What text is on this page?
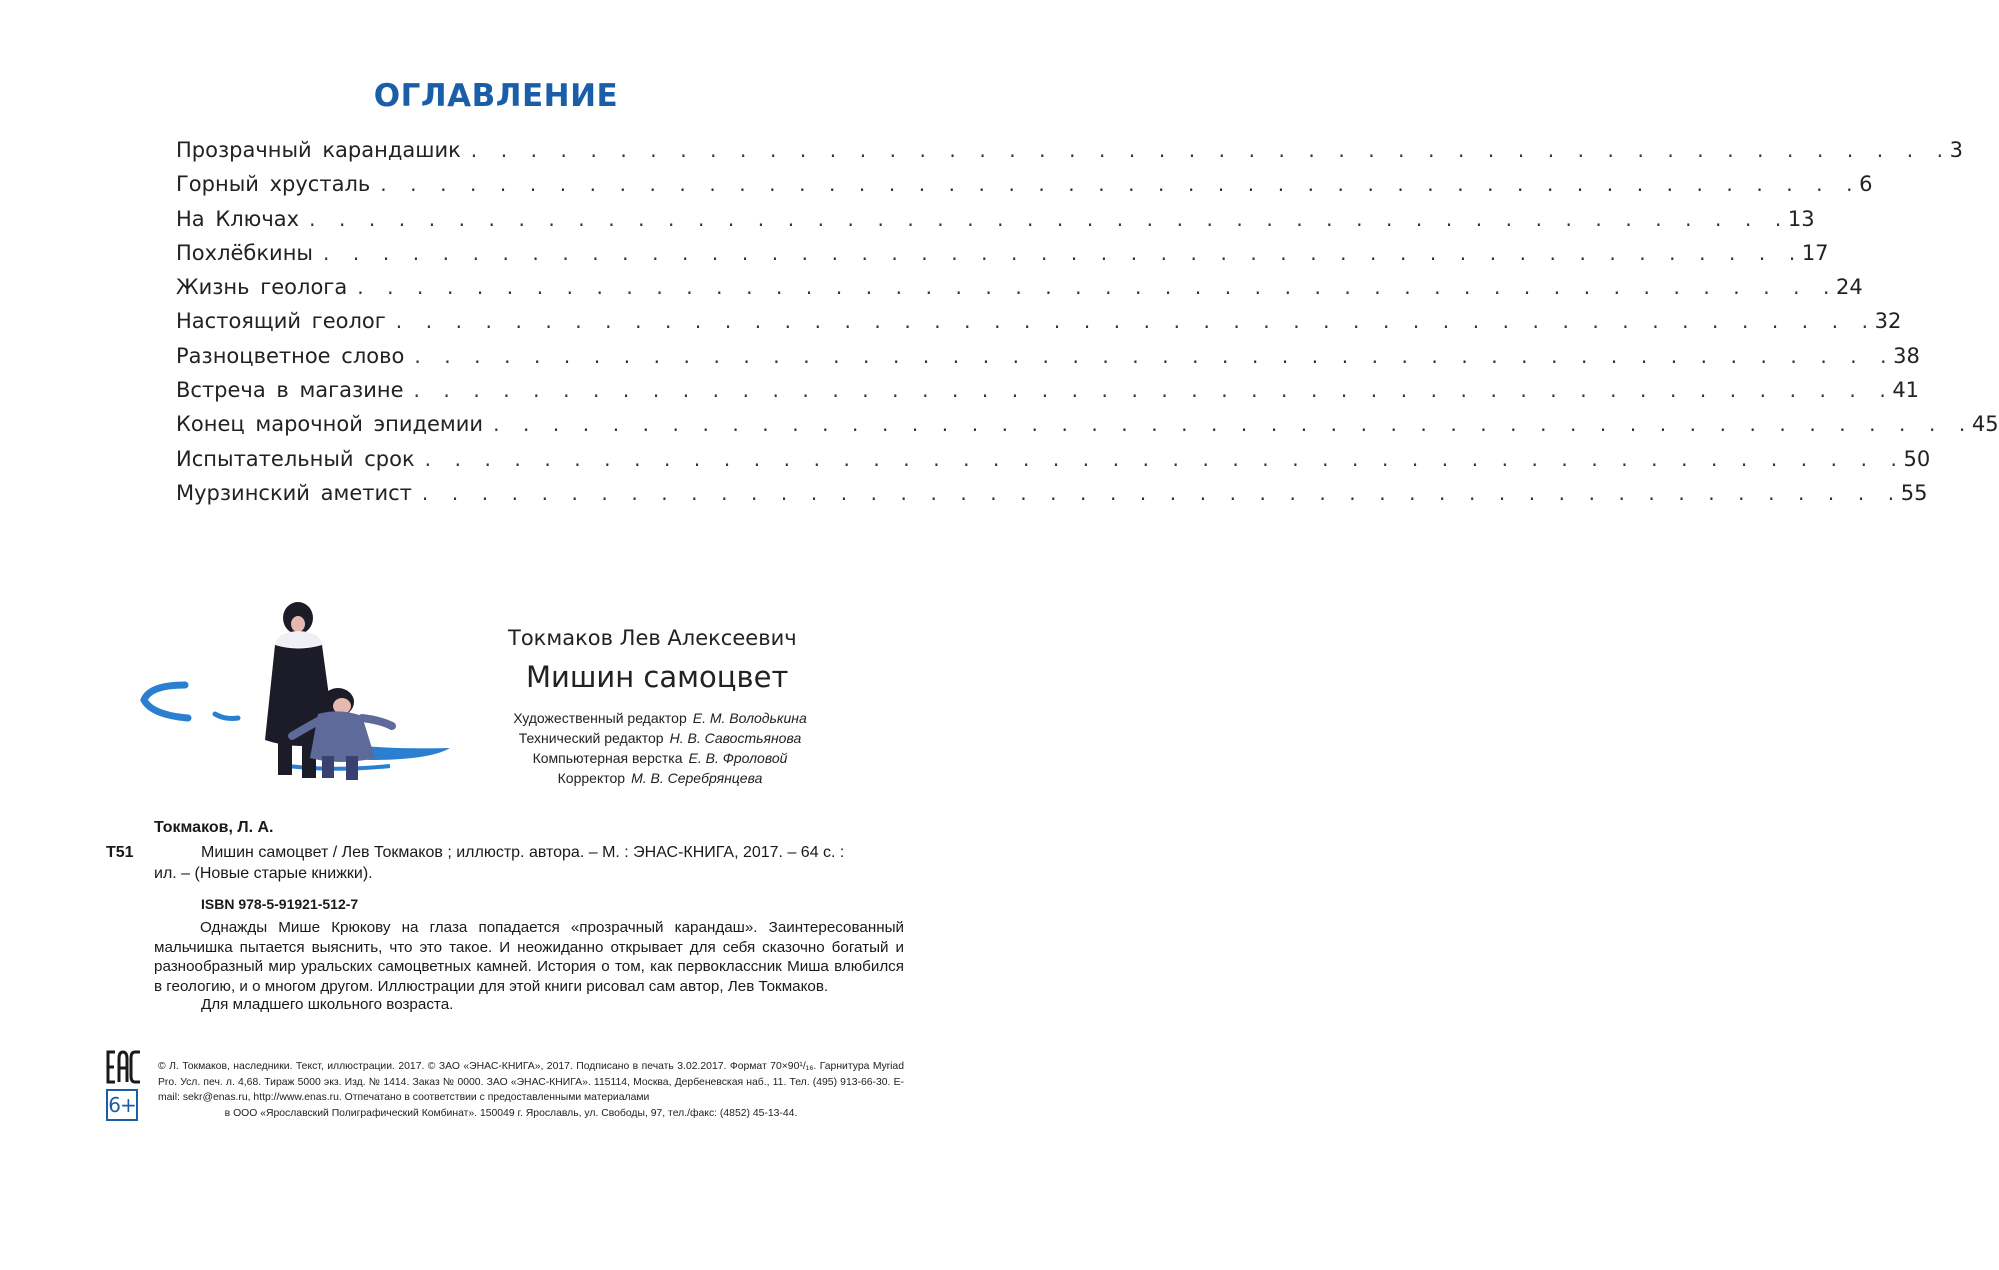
ОГЛАВЛЕНИЕ
Прозрачный карандашик . . . . . . . . . . . . . . . . . . . . . . . . . . . . . . . . . . . . . . . . . . . . . . . . . . 3
Горный хрусталь . . . . . . . . . . . . . . . . . . . . . . . . . . . . . . . . . . . . . . . . . . . . . . . . . . 6
На Ключах . . . . . . . . . . . . . . . . . . . . . . . . . . . . . . . . . . . . . . . . . . . . . . . . . . 13
Похлёбкины . . . . . . . . . . . . . . . . . . . . . . . . . . . . . . . . . . . . . . . . . . . . . . . . . . 17
Жизнь геолога . . . . . . . . . . . . . . . . . . . . . . . . . . . . . . . . . . . . . . . . . . . . . . . . . . 24
Настоящий геолог . . . . . . . . . . . . . . . . . . . . . . . . . . . . . . . . . . . . . . . . . . . . . . . . . . 32
Разноцветное слово . . . . . . . . . . . . . . . . . . . . . . . . . . . . . . . . . . . . . . . . . . . . . . . . . . 38
Встреча в магазине . . . . . . . . . . . . . . . . . . . . . . . . . . . . . . . . . . . . . . . . . . . . . . . . . . 41
Конец марочной эпидемии . . . . . . . . . . . . . . . . . . . . . . . . . . . . . . . . . . . . . . . . . . . . . . . . . . 45
Испытательный срок . . . . . . . . . . . . . . . . . . . . . . . . . . . . . . . . . . . . . . . . . . . . . . . . . . 50
Мурзинский аметист . . . . . . . . . . . . . . . . . . . . . . . . . . . . . . . . . . . . . . . . . . . . . . . . . . 55
Токмаков Лев Алексеевич
Мишин самоцвет
Художественный редактор Е. М. Володькина
Технический редактор Н. В. Савостьянова
Компьютерная верстка Е. В. Фроловой
Корректор М. В. Серебрянцева
Токмаков, Л. А.
Т51	Мишин самоцвет / Лев Токмаков ; иллюстр. автора. – М. : ЭНАС-КНИГА, 2017. – 64 с. :
ил. – (Новые старые книжки).
ISBN 978-5-91921-512-7
Однажды Мише Крюкову на глаза попадается «прозрачный карандаш». Заинтересованный мальчишка пытается выяснить, что это такое. И неожиданно открывает для себя сказочно богатый и разнообразный мир уральских самоцветных камней. История о том, как первоклассник Миша влюбился в геологию, и о многом другом. Иллюстрации для этой книги рисовал сам автор, Лев Токмаков.
Для младшего школьного возраста.
6+
© Л. Токмаков, наследники. Текст, иллюстрации. 2017. © ЗАО «ЭНАС-КНИГА», 2017. Подписано в печать 3.02.2017. Формат 70×90¹/₁₆. Гарнитура Myriad Pro. Усл. печ. л. 4,68. Тираж 5000 экз. Изд. № 1414. Заказ № 0000. ЗАО «ЭНАС-КНИГА». 115114, Москва, Дербеневская наб., 11. Тел. (495) 913-66-30. E-mail: sekr@enas.ru, http://www.enas.ru. Отпечатано в соответствии с предоставленными материалами
в ООО «Ярославский Полиграфический Комбинат». 150049 г. Ярославль, ул. Свободы, 97, тел./факс: (4852) 45-13-44.
